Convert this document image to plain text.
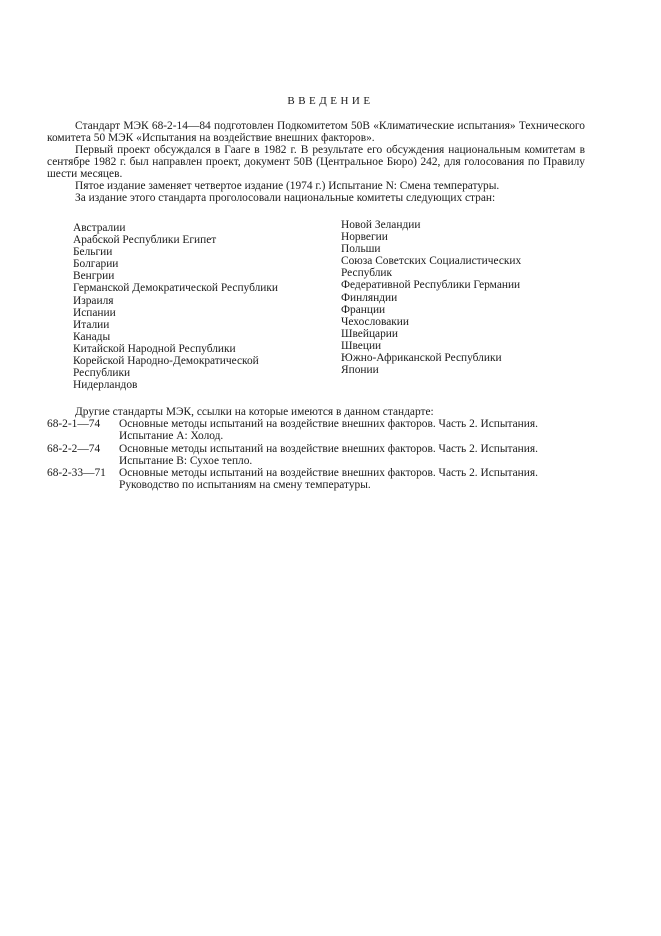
ВВЕДЕНИЕ

Стандарт МЭК 68-2-14—84 подготовлен Подкомитетом 50В «Климатические испытания» Технического комитета 50 МЭК «Испытания на воздействие внешних факторов».

Первый проект обсуждался в Гааге в 1982 г. В результате его обсуждения национальным комитетам в сентябре 1982 г. был направлен проект, документ 50В (Центральное Бюро) 242, для голосования по Правилу шести месяцев.

Пятое издание заменяет четвертое издание (1974 г.) Испытание N: Смена температуры.

За издание этого стандарта проголосовали национальные комитеты следующих стран:

Австралии
Арабской Республики Египет
Бельгии
Болгарии
Венгрии
Германской Демократической Республики
Израиля
Испании
Италии
Канады
Китайской Народной Республики
Корейской Народно-Демократической
Республики
Нидерландов
Новой Зеландии
Норвегии
Польши
Союза Советских Социалистических
Республик
Федеративной Республики Германии
Финляндии
Франции
Чехословакии
Швейцарии
Швеции
Южно-Африканской Республики
Японии
Другие стандарты МЭК, ссылки на которые имеются в данном стандарте:
68-2-1—74	Основные методы испытаний на воздействие внешних факторов. Часть 2. Испытания.
Испытание А: Холод.
68-2-2—74	Основные методы испытаний на воздействие внешних факторов. Часть 2. Испытания.
Испытание В: Сухое тепло.
68-2-33—71	Основные методы испытаний на воздействие внешних факторов. Часть 2. Испытания.
Руководство по испытаниям на смену температуры.
